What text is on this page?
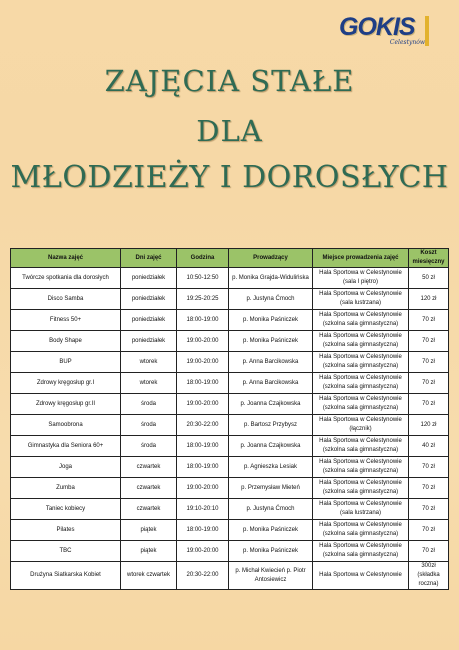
GOKIS
Celestynów
ZAJĘCIA STAŁE
DLA
MŁODZIEŻY I DOROSŁYCH
Nazwa zajęć	Dni zajęć	Godzina	Prowadzący	Miejsce prowadzenia zajęć	Koszt miesięczny
Twórcze spotkania dla dorosłych	poniedziałek	10:50-12:50	p. Monika Grajda-Widulińska	Hala Sportowa w Celestynowie (sala I piętro)	50 zł
Disco Samba	poniedziałek	19:25-20:25	p. Justyna Ćmoch	Hala Sportowa w Celestynowie (sala lustrzana)	120 zł
Fitness 50+	poniedziałek	18:00-19:00	p. Monika Paśniczek	Hala Sportowa w Celestynowie (szkolna sala gimnastyczna)	70 zł
Body Shape	poniedziałek	19:00-20:00	p. Monika Paśniczek	Hala Sportowa w Celestynowie (szkolna sala gimnastyczna)	70 zł
BUP	wtorek	19:00-20:00	p. Anna Barcikowska	Hala Sportowa w Celestynowie (szkolna sala gimnastyczna)	70 zł
Zdrowy kręgosłup gr.I	wtorek	18:00-19:00	p. Anna Barcikowska	Hala Sportowa w Celestynowie (szkolna sala gimnastyczna)	70 zł
Zdrowy kręgosłup gr.II	środa	19:00-20:00	p. Joanna Czajkowska	Hala Sportowa w Celestynowie (szkolna sala gimnastyczna)	70 zł
Samoobrona	środa	20:30-22:00	p. Bartosz Przybysz	Hala Sportowa w Celestynowie (łącznik)	120 zł
Gimnastyka dla Seniora 60+	środa	18:00-19:00	p. Joanna Czajkowska	Hala Sportowa w Celestynowie (szkolna sala gimnastyczna)	40 zł
Joga	czwartek	18:00-19:00	p. Agnieszka Lesiak	Hala Sportowa w Celestynowie (szkolna sala gimnastyczna)	70 zł
Zumba	czwartek	19:00-20:00	p. Przemysław Mieteń	Hala Sportowa w Celestynowie (szkolna sala gimnastyczna)	70 zł
Taniec kobiecy	czwartek	19:10-20:10	p. Justyna Ćmoch	Hala Sportowa w Celestynowie (sala lustrzana)	70 zł
Pilates	piątek	18:00-19:00	p. Monika Paśniczek	Hala Sportowa w Celestynowie (szkolna sala gimnastyczna)	70 zł
TBC	piątek	19:00-20:00	p. Monika Paśniczek	Hala Sportowa w Celestynowie (szkolna sala gimnastyczna)	70 zł
Drużyna Siatkarska Kobiet	wtorek czwartek	20:30-22:00	p. Michał Kwiecień p. Piotr Antosiewicz	Hala Sportowa w Celestynowie	300zł (składka roczna)
